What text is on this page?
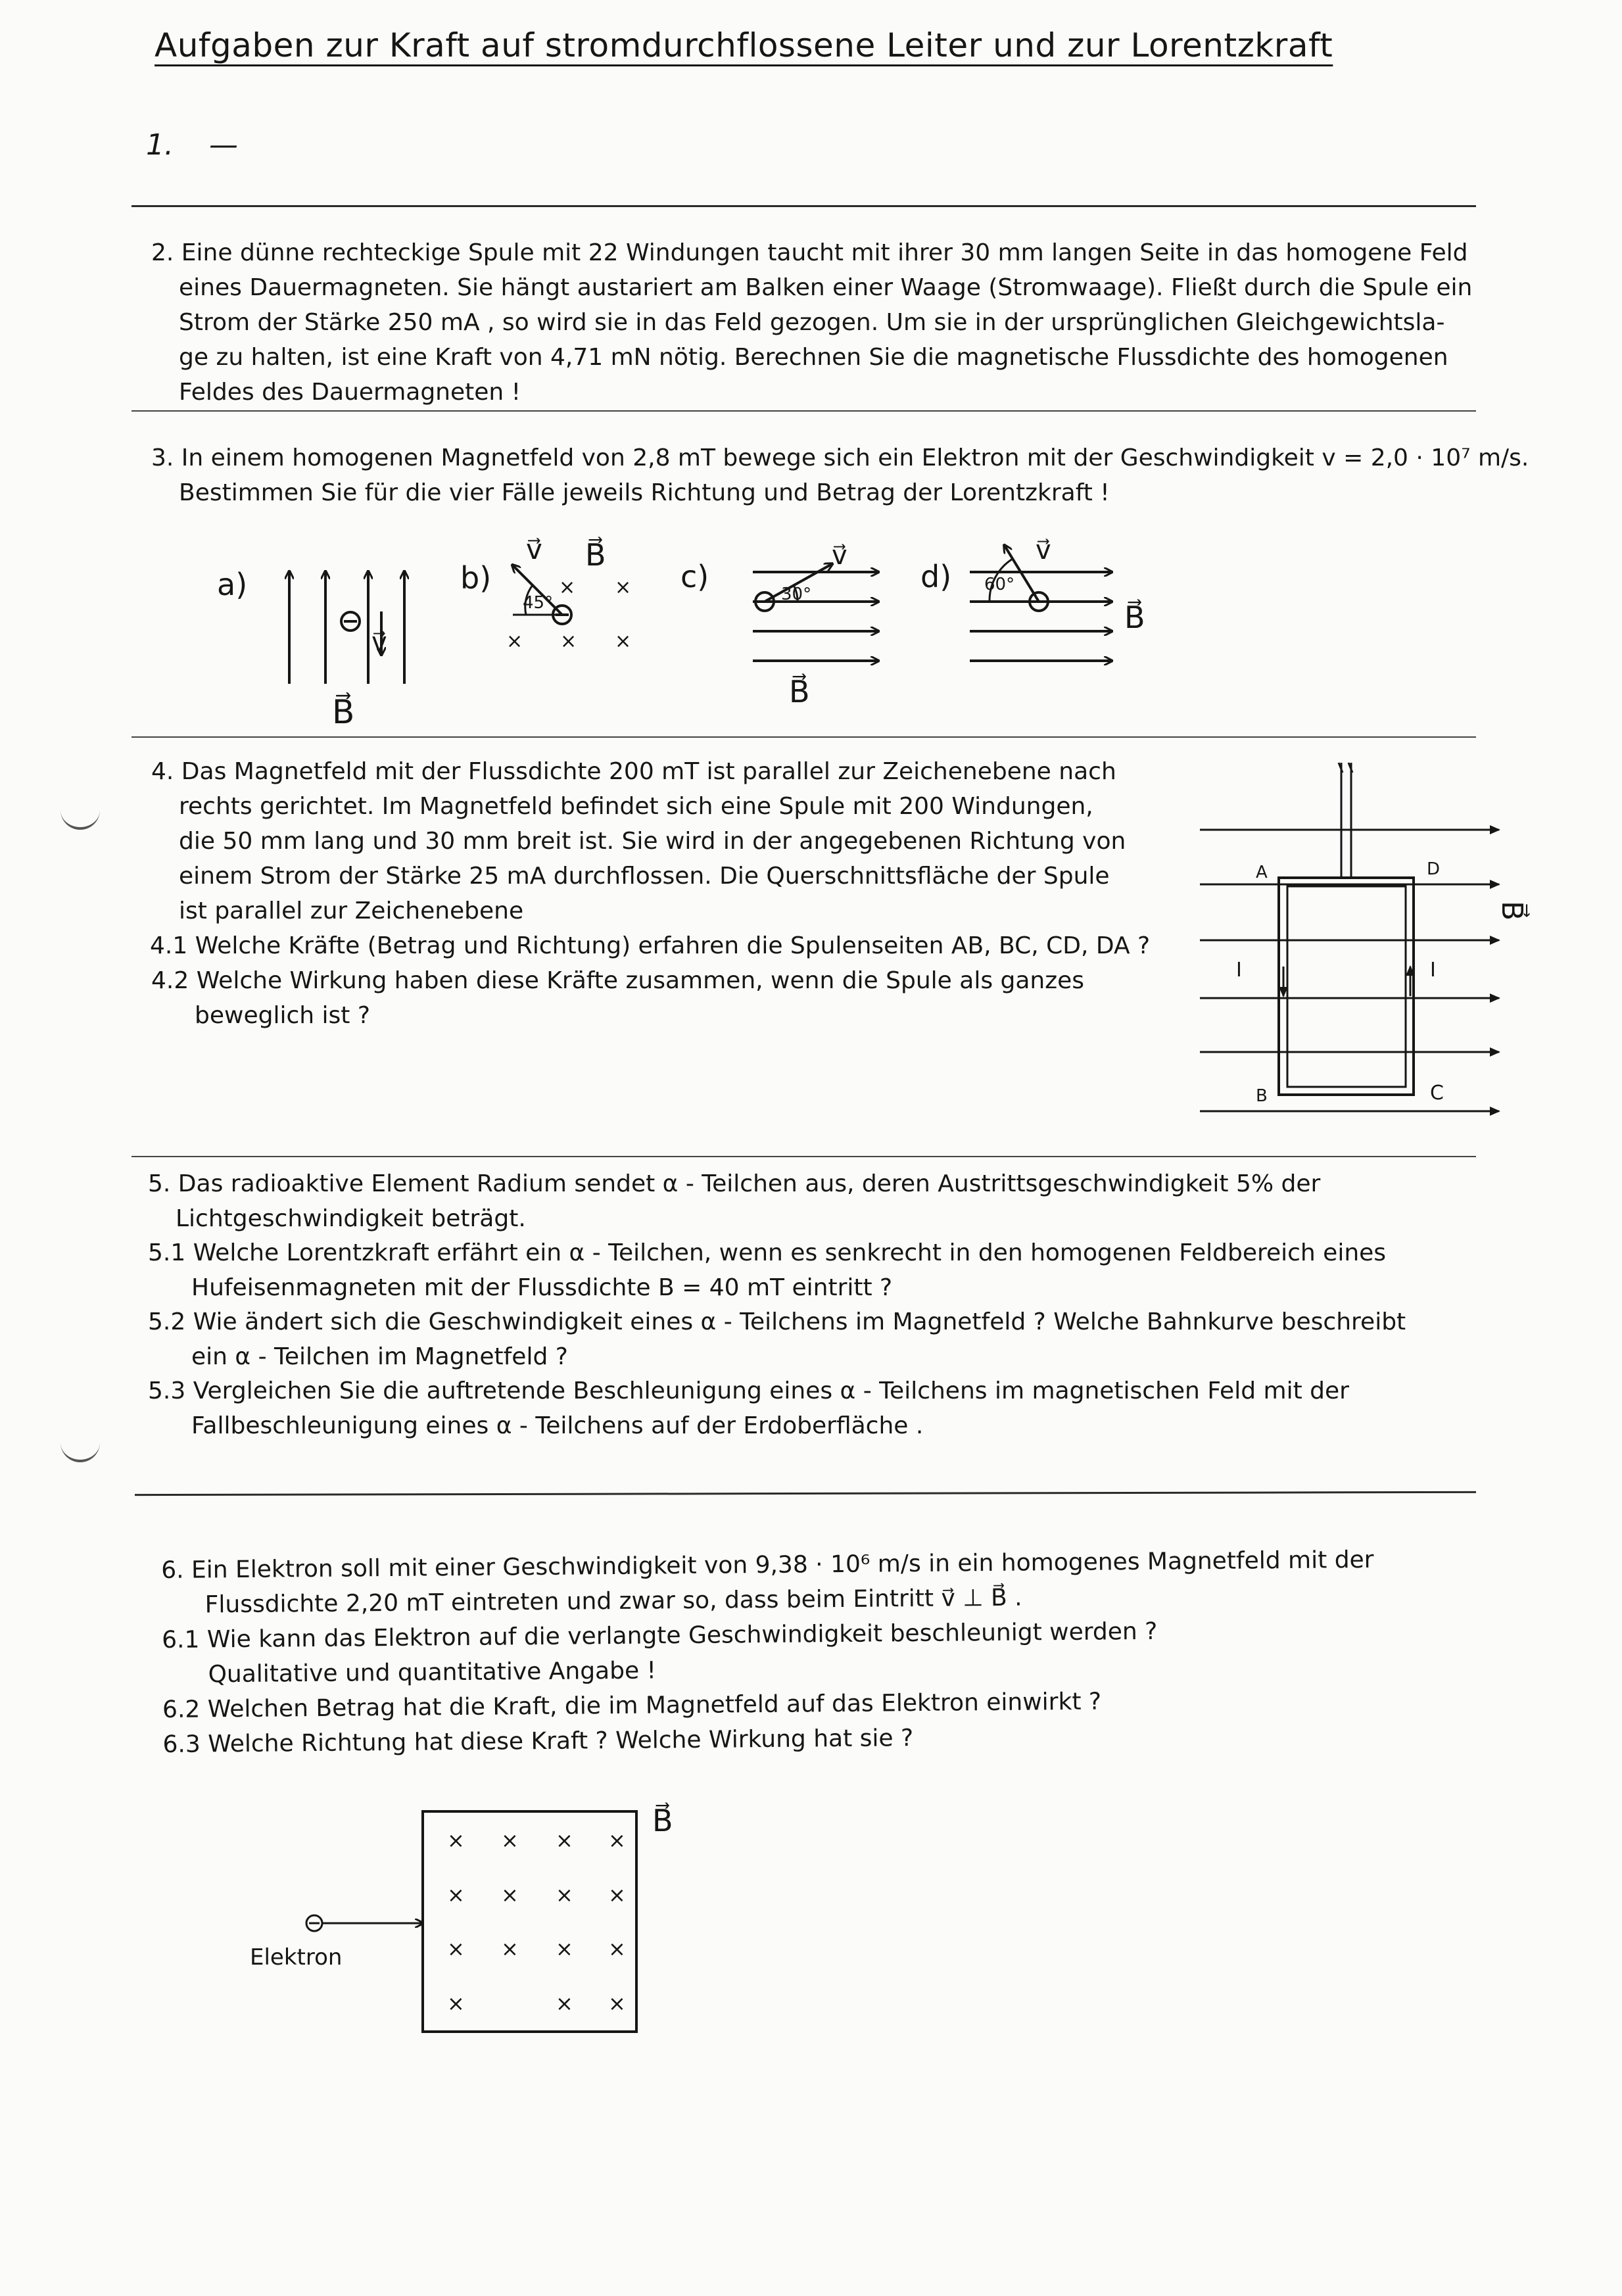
Aufgaben zur Kraft auf stromdurchflossene Leiter und zur Lorentzkraft
1. —
2. Eine dünne rechteckige Spule mit 22 Windungen taucht mit ihrer 30 mm langen Seite in das homogene Feld
eines Dauermagneten. Sie hängt austariert am Balken einer Waage (Stromwaage). Fließt durch die Spule ein
Strom der Stärke 250 mA , so wird sie in das Feld gezogen. Um sie in der ursprünglichen Gleichgewichtsla-
ge zu halten, ist eine Kraft von 4,71 mN nötig. Berechnen Sie die magnetische Flussdichte des homogenen
Feldes des Dauermagneten !
3. In einem homogenen Magnetfeld von 2,8 mT bewege sich ein Elektron mit der Geschwindigkeit v = 2,0 · 10⁷ m/s.
Bestimmen Sie für die vier Fälle jeweils Richtung und Betrag der Lorentzkraft !
a)
v⃗
B⃗
b)
v⃗ B⃗
45°
× ×
× × ×
c)	30°
v⃗
B⃗
d) 60°
v⃗
B⃗
4. Das Magnetfeld mit der Flussdichte 200 mT ist parallel zur Zeichenebene nach
rechts gerichtet. Im Magnetfeld befindet sich eine Spule mit 200 Windungen,
die 50 mm lang und 30 mm breit ist. Sie wird in der angegebenen Richtung von
einem Strom der Stärke 25 mA durchflossen. Die Querschnittsfläche der Spule
ist parallel zur Zeichenebene
4.1 Welche Kräfte (Betrag und Richtung) erfahren die Spulenseiten AB, BC, CD, DA ?
4.2 Welche Wirkung haben diese Kräfte zusammen, wenn die Spule als ganzes
beweglich ist ?
A
B	C
D
I	I
B⃗
5. Das radioaktive Element Radium sendet α - Teilchen aus, deren Austrittsgeschwindigkeit 5% der
Lichtgeschwindigkeit beträgt.
5.1 Welche Lorentzkraft erfährt ein α - Teilchen, wenn es senkrecht in den homogenen Feldbereich eines
Hufeisenmagneten mit der Flussdichte B = 40 mT eintritt ?
5.2 Wie ändert sich die Geschwindigkeit eines α - Teilchens im Magnetfeld ? Welche Bahnkurve beschreibt
ein α - Teilchen im Magnetfeld ?
5.3 Vergleichen Sie die auftretende Beschleunigung eines α - Teilchens im magnetischen Feld mit der
Fallbeschleunigung eines α - Teilchens auf der Erdoberfläche .
6. Ein Elektron soll mit einer Geschwindigkeit von 9,38 · 10⁶ m/s in ein homogenes Magnetfeld mit der
Flussdichte 2,20 mT eintreten und zwar so, dass beim Eintritt v⃗ ⊥ B⃗ .
6.1 Wie kann das Elektron auf die verlangte Geschwindigkeit beschleunigt werden ?
Qualitative und quantitative Angabe !
6.2 Welchen Betrag hat die Kraft, die im Magnetfeld auf das Elektron einwirkt ?
6.3 Welche Richtung hat diese Kraft ? Welche Wirkung hat sie ?
B⃗
Elektron
× × × ×
× × × ×
× × × ×
×	× ×
